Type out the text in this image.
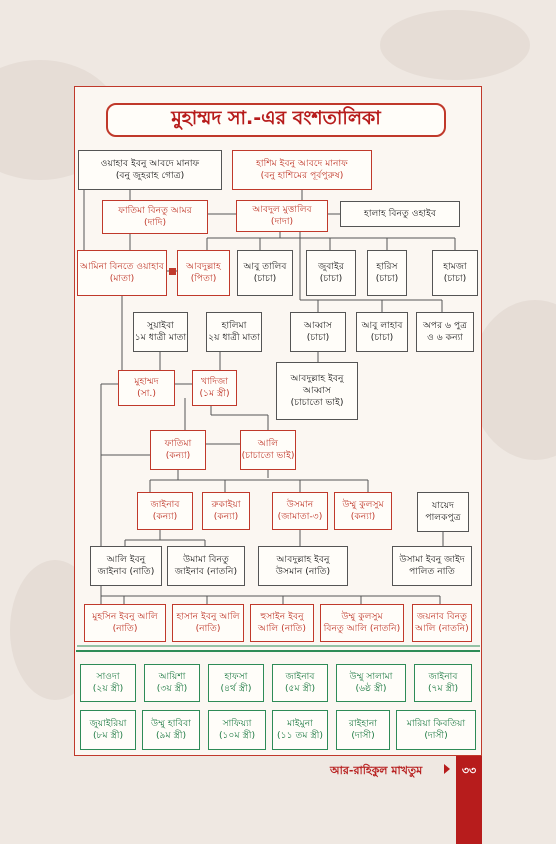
মুহাম্মদ সা.-এর বংশতালিকা
ওয়াহাব ইবনু আবদে মানাফ
(বনু জুহরাহ গোত্র)
হাশিম ইবনু আবদে মানাফ
(বনু হাশিমের পূর্বপুরুষ)
ফাতিমা বিনতু আমর
(দাদি)
আবদুল মুত্তালিব
(দাদা)
হালাহ বিনতু ওহাইব
আমিনা বিনতে ওয়াহাব
(মাতা)
আবদুল্লাহ
(পিতা)
আবু তালিব
(চাচা)
জুবাইর
(চাচা)
হারিস
(চাচা)
হামজা
(চাচা)
সুয়াইবা
১ম ধাত্রী মাতা
হালিমা
২য় ধাত্রী মাতা
আব্বাস
(চাচা)
আবু লাহাব
(চাচা)
অপর ৬ পুত্র
ও ৬ কন্যা
আবদুল্লাহ ইবনু
আব্বাস
(চাচাতো ভাই)
মুহাম্মদ
(সা.)
খাদিজা
(১ম স্ত্রী)
ফাতিমা
(কন্যা)
আলি
(চাচাতো ভাই)
জাইনাব
(কন্যা)
রুকাইয়া
(কন্যা)
উসমান
(জামাতা-৩)
উম্মু কুলসুম
(কন্যা)
যায়েদ
পালকপুত্র
আলি ইবনু
জাইনাব (নাতি)
উমামা বিনতু
জাইনাব (নাতনি)
আবদুল্লাহ ইবনু
উসমান (নাতি)
উসামা ইবনু জাইদ
পালিত নাতি
মুহসিন ইবনু আলি
(নাতি)
হাসান ইবনু আলি
(নাতি)
হুসাইন ইবনু
আলি (নাতি)
উম্মু কুলসুম
বিনতু আলি (নাতনি)
জয়নাব বিনতু
আলি (নাতনি)
সাওদা
(২য় স্ত্রী)
আয়িশা
(৩য় স্ত্রী)
হাফসা
(৪র্থ স্ত্রী)
জাইনাব
(৫ম স্ত্রী)
উম্মু সালামা
(৬ষ্ঠ স্ত্রী)
জাইনাব
(৭ম স্ত্রী)
জুয়াইরিয়া
(৮ম স্ত্রী)
উম্মু হাবিবা
(৯ম স্ত্রী)
সাফিয়্যা
(১০ম স্ত্রী)
মাইমুনা
(১১ তম স্ত্রী)
রাইহানা
(দাসী)
মারিয়া কিবতিয়া
(দাসী)
আর-রাহিকুল মাখতুম	৩৩
